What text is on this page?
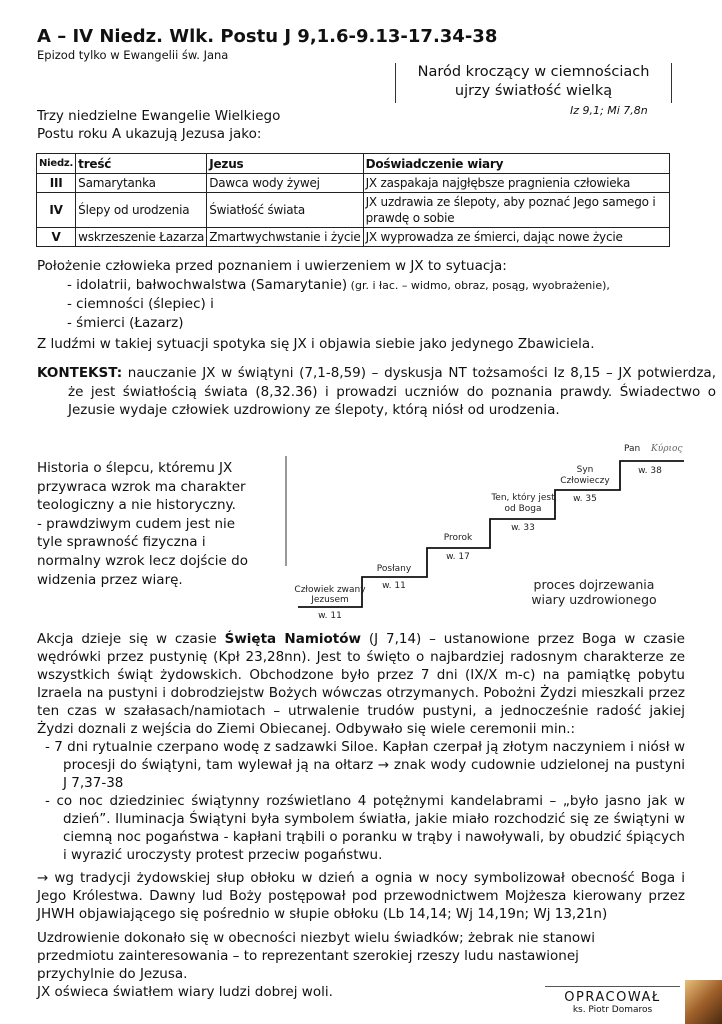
A – IV Niedz. Wlk. Postu J 9,1.6-9.13-17.34-38
Epizod tylko w Ewangelii św. Jana
Naród kroczący w ciemnościach
ujrzy światłość wielką
Iz 9,1; Mi 7,8n
Trzy niedzielne Ewangelie Wielkiego
Postu roku A ukazują Jezusa jako:
Niedz.	treść	Jezus	Doświadczenie wiary
III	Samarytanka	Dawca wody żywej	JX zaspakaja najgłębsze pragnienia człowieka
IV	Ślepy od urodzenia	Światłość świata	JX uzdrawia ze ślepoty, aby poznać Jego samego i prawdę o sobie
V	wskrzeszenie Łazarza	Zmartwychwstanie i życie	JX wyprowadza ze śmierci, dając nowe życie

Położenie człowieka przed poznaniem i uwierzeniem w JX to sytuacja:

- idolatrii, bałwochwalstwa (Samarytanie) (gr. i łac. – widmo, obraz, posąg, wyobrażenie),

- ciemności (ślepiec) i

- śmierci (Łazarz)

Z ludźmi w takiej sytuacji spotyka się JX i objawia siebie jako jedynego Zbawiciela.

KONTEKST: nauczanie JX w świątyni (7,1-8,59) – dyskusja NT tożsamości Iz 8,15 – JX potwierdza, że jest światłością świata (8,32.36) i prowadzi uczniów do poznania prawdy. Świadectwo o Jezusie wydaje człowiek uzdrowiony ze ślepoty, którą niósł od urodzenia.

Historia o ślepcu, któremu JX przywraca wzrok ma charakter teologiczny a nie historyczny.

- prawdziwym cudem jest nie tyle sprawność fizyczna i normalny wzrok lecz dojście do widzenia przez wiarę.

Człowiek zwany
Jezusem
w. 11
Posłany
w. 11
Prorok
w. 17
Ten, który jest
od Boga
w. 33
Syn
Człowieczy
w. 35
Pan Κύριος
w. 38
proces dojrzewania
wiary uzdrowionego

Akcja dzieje się w czasie Święta Namiotów (J 7,14) – ustanowione przez Boga w czasie wędrówki przez pustynię (Kpł 23,28nn). Jest to święto o najbardziej radosnym charakterze ze wszystkich świąt żydowskich. Obchodzone było przez 7 dni (IX/X m-c) na pamiątkę pobytu Izraela na pustyni i dobrodziejstw Bożych wówczas otrzymanych. Pobożni Żydzi mieszkali przez ten czas w szałasach/namiotach – utrwalenie trudów pustyni, a jednocześnie radość jakiej Żydzi doznali z wejścia do Ziemi Obiecanej. Odbywało się wiele ceremonii min.:

- 7 dni rytualnie czerpano wodę z sadzawki Siloe. Kapłan czerpał ją złotym naczyniem i niósł w procesji do świątyni, tam wylewał ją na ołtarz → znak wody cudownie udzielonej na pustyni J 7,37-38

- co noc dziedziniec świątynny rozświetlano 4 potężnymi kandelabrami – „było jasno jak w dzień”. Iluminacja Świątyni była symbolem światła, jakie miało rozchodzić się ze świątyni w ciemną noc pogaństwa - kapłani trąbili o poranku w trąby i nawoływali, by obudzić śpiących i wyrazić uroczysty protest przeciw pogaństwu.

→ wg tradycji żydowskiej słup obłoku w dzień a ognia w nocy symbolizował obecność Boga i Jego Królestwa. Dawny lud Boży postępował pod przewodnictwem Mojżesza kierowany przez JHWH objawiającego się pośrednio w słupie obłoku (Lb 14,14; Wj 14,19n; Wj 13,21n)

Uzdrowienie dokonało się w obecności niezbyt wielu świadków; żebrak nie stanowi przedmiotu zainteresowania – to reprezentant szerokiej rzeszy ludu nastawionej przychylnie do Jezusa.

JX oświeca światłem wiary ludzi dobrej woli.	OPRACOWAŁ
ks. Piotr Domaros
